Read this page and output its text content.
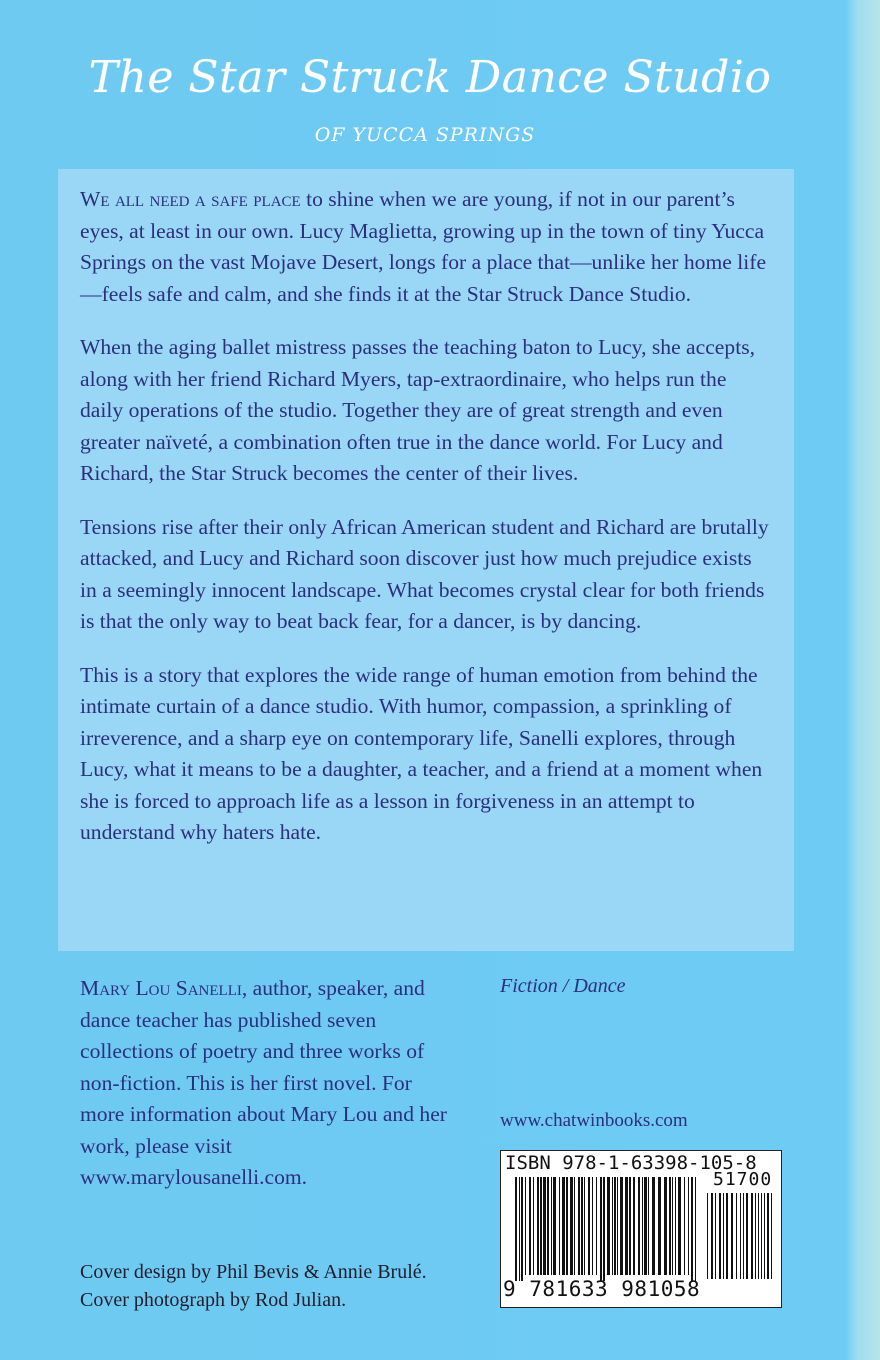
The Star Struck Dance Studio
OF YUCCA SPRINGS

We all need a safe place to shine when we are young, if not in our parent’s eyes, at least in our own. Lucy Maglietta, growing up in the town of tiny Yucca Springs on the vast Mojave Desert, longs for a place that—unlike her home life—feels safe and calm, and she finds it at the Star Struck Dance Studio.

When the aging ballet mistress passes the teaching baton to Lucy, she accepts, along with her friend Richard Myers, tap-extraordinaire, who helps run the daily operations of the studio. Together they are of great strength and even greater naïveté, a combination often true in the dance world. For Lucy and Richard, the Star Struck becomes the center of their lives.

Tensions rise after their only African American student and Richard are brutally attacked, and Lucy and Richard soon discover just how much prejudice exists in a seemingly innocent landscape. What becomes crystal clear for both friends is that the only way to beat back fear, for a dancer, is by dancing.

This is a story that explores the wide range of human emotion from behind the intimate curtain of a dance studio. With humor, compassion, a sprinkling of irreverence, and a sharp eye on contemporary life, Sanelli explores, through Lucy, what it means to be a daughter, a teacher, and a friend at a moment when she is forced to approach life as a lesson in forgiveness in an attempt to understand why haters hate.

Mary Lou Sanelli, author, speaker, and dance teacher has published seven collections of poetry and three works of non-fiction. This is her first novel. For more information about Mary Lou and her work, please visit www.marylousanelli.com.
Fiction / Dance
www.chatwinbooks.com
ISBN 978-1-63398-105-8
51700
9 781633 981058
Cover design by Phil Bevis & Annie Brulé.
Cover photograph by Rod Julian.
